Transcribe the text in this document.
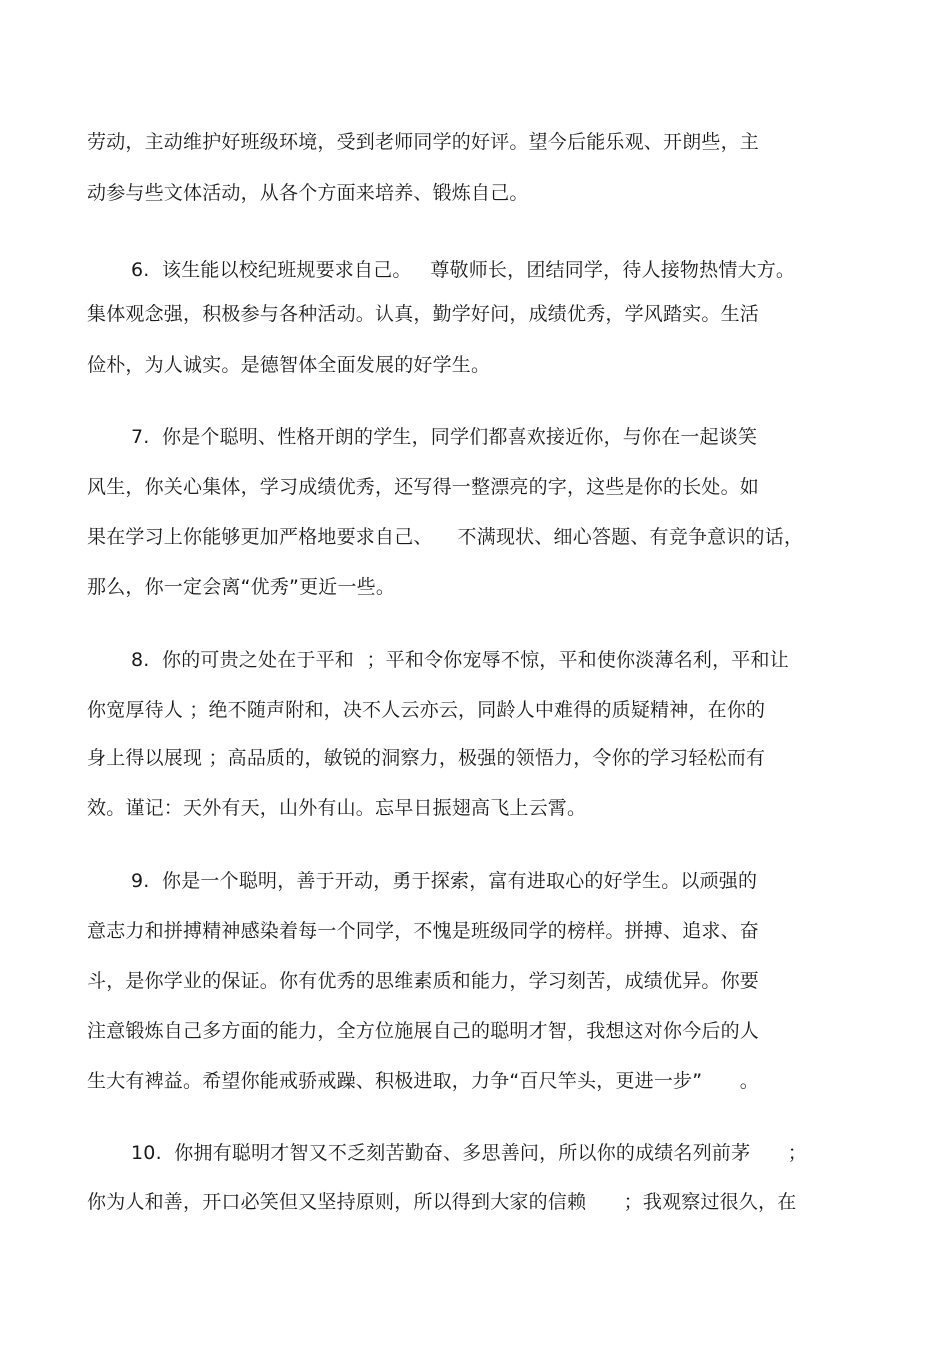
劳动，主动维护好班级环境，受到老师同学的好评。望今后能乐观、开朗些，主
动参与些文体活动，从各个方面来培养、锻炼自己。
6.  该生能以校纪班规要求自己。   尊敬师长，团结同学，待人接物热情大方。
集体观念强，积极参与各种活动。认真，勤学好问，成绩优秀，学风踏实。生活
俭朴，为人诚实。是德智体全面发展的好学生。
7.  你是个聪明、性格开朗的学生，同学们都喜欢接近你，与你在一起谈笑
风生，你关心集体，学习成绩优秀，还写得一整漂亮的字，这些是你的长处。如
果在学习上你能够更加严格地要求自己、    不满现状、细心答题、有竞争意识的话，
那么，你一定会离“优秀”更近一些。
8.  你的可贵之处在于平和  ；平和令你宠辱不惊，平和使你淡薄名利，平和让
你宽厚待人 ；绝不随声附和，决不人云亦云，同龄人中难得的质疑精神，在你的
身上得以展现 ；高品质的，敏锐的洞察力，极强的领悟力，令你的学习轻松而有
效。谨记：天外有天，山外有山。忘早日振翅高飞上云霄。
9.  你是一个聪明，善于开动，勇于探索，富有进取心的好学生。以顽强的
意志力和拼搏精神感染着每一个同学，不愧是班级同学的榜样。拼搏、追求、奋
斗，是你学业的保证。你有优秀的思维素质和能力，学习刻苦，成绩优异。你要
注意锻炼自己多方面的能力，全方位施展自己的聪明才智，我想这对你今后的人
生大有裨益。希望你能戒骄戒躁、积极进取，力争“百尺竿头，更进一步”      。
10.  你拥有聪明才智又不乏刻苦勤奋、多思善问，所以你的成绩名列前茅      ；
你为人和善，开口必笑但又坚持原则，所以得到大家的信赖      ；我观察过很久，在
